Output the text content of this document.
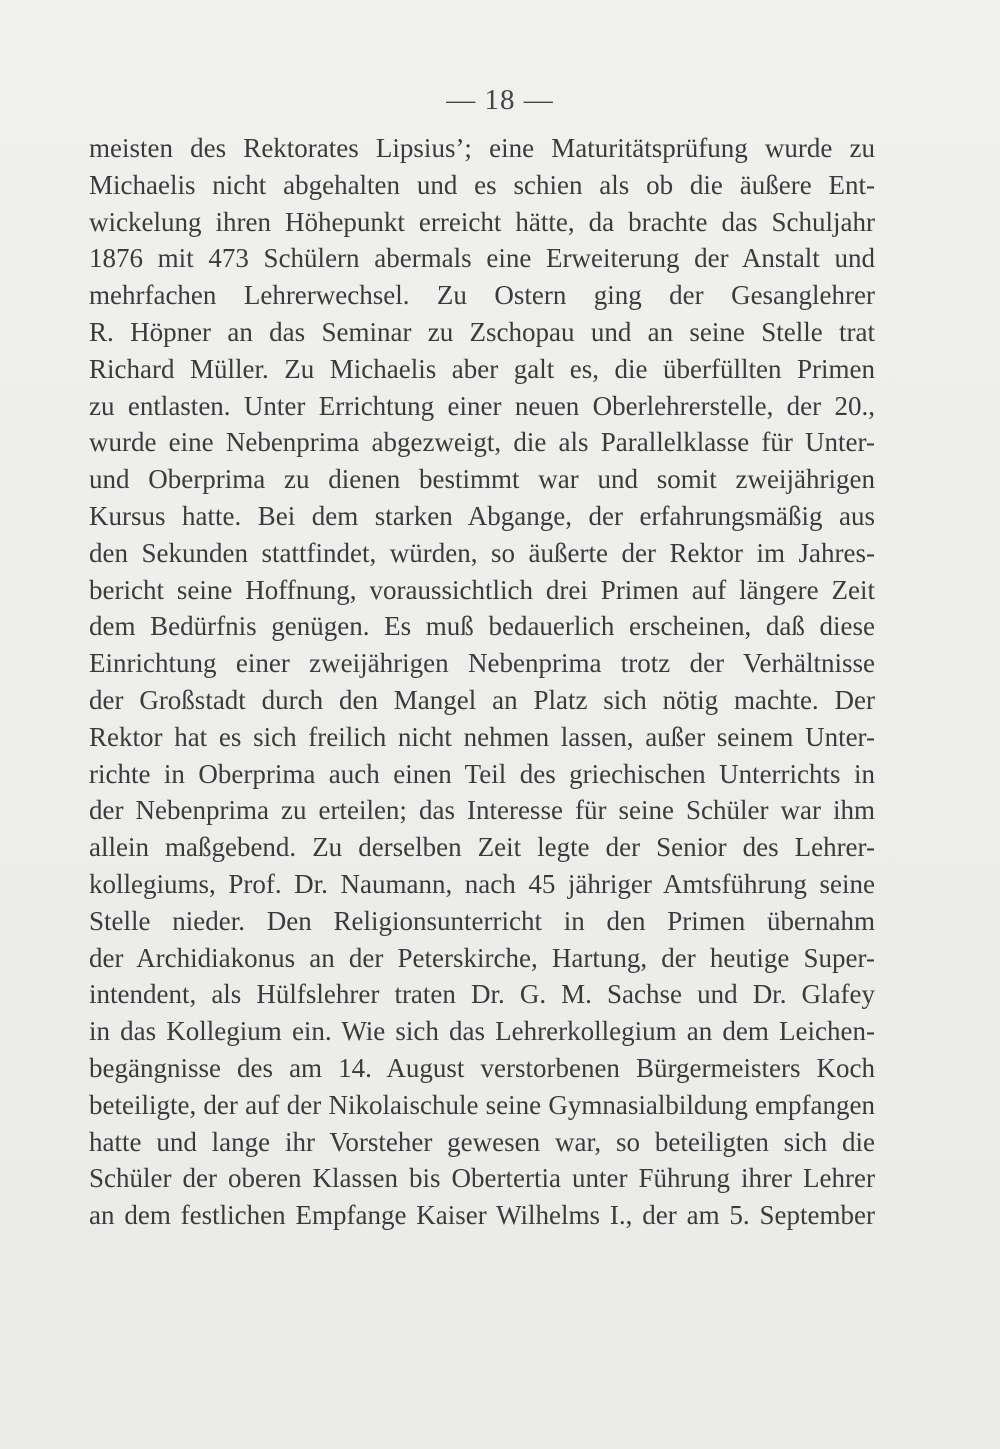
— 18 —
meisten des Rektorates Lipsius’; eine Maturitätsprüfung wurde zu
Michaelis nicht abgehalten und es schien als ob die äußere Ent-
wickelung ihren Höhepunkt erreicht hätte, da brachte das Schuljahr
1876 mit 473 Schülern abermals eine Erweiterung der Anstalt und
mehrfachen Lehrerwechsel. Zu Ostern ging der Gesanglehrer
R. Höpner an das Seminar zu Zschopau und an seine Stelle trat
Richard Müller. Zu Michaelis aber galt es, die überfüllten Primen
zu entlasten. Unter Errichtung einer neuen Oberlehrerstelle, der 20.,
wurde eine Nebenprima abgezweigt, die als Parallelklasse für Unter-
und Oberprima zu dienen bestimmt war und somit zweijährigen
Kursus hatte. Bei dem starken Abgange, der erfahrungsmäßig aus
den Sekunden stattfindet, würden, so äußerte der Rektor im Jahres-
bericht seine Hoffnung, voraussichtlich drei Primen auf längere Zeit
dem Bedürfnis genügen. Es muß bedauerlich erscheinen, daß diese
Einrichtung einer zweijährigen Nebenprima trotz der Verhältnisse
der Großstadt durch den Mangel an Platz sich nötig machte. Der
Rektor hat es sich freilich nicht nehmen lassen, außer seinem Unter-
richte in Oberprima auch einen Teil des griechischen Unterrichts in
der Nebenprima zu erteilen; das Interesse für seine Schüler war ihm
allein maßgebend. Zu derselben Zeit legte der Senior des Lehrer-
kollegiums, Prof. Dr. Naumann, nach 45 jähriger Amtsführung seine
Stelle nieder. Den Religionsunterricht in den Primen übernahm
der Archidiakonus an der Peterskirche, Hartung, der heutige Super-
intendent, als Hülfslehrer traten Dr. G. M. Sachse und Dr. Glafey
in das Kollegium ein. Wie sich das Lehrerkollegium an dem Leichen-
begängnisse des am 14. August verstorbenen Bürgermeisters Koch
beteiligte, der auf der Nikolaischule seine Gymnasialbildung empfangen
hatte und lange ihr Vorsteher gewesen war, so beteiligten sich die
Schüler der oberen Klassen bis Obertertia unter Führung ihrer Lehrer
an dem festlichen Empfange Kaiser Wilhelms I., der am 5. September
